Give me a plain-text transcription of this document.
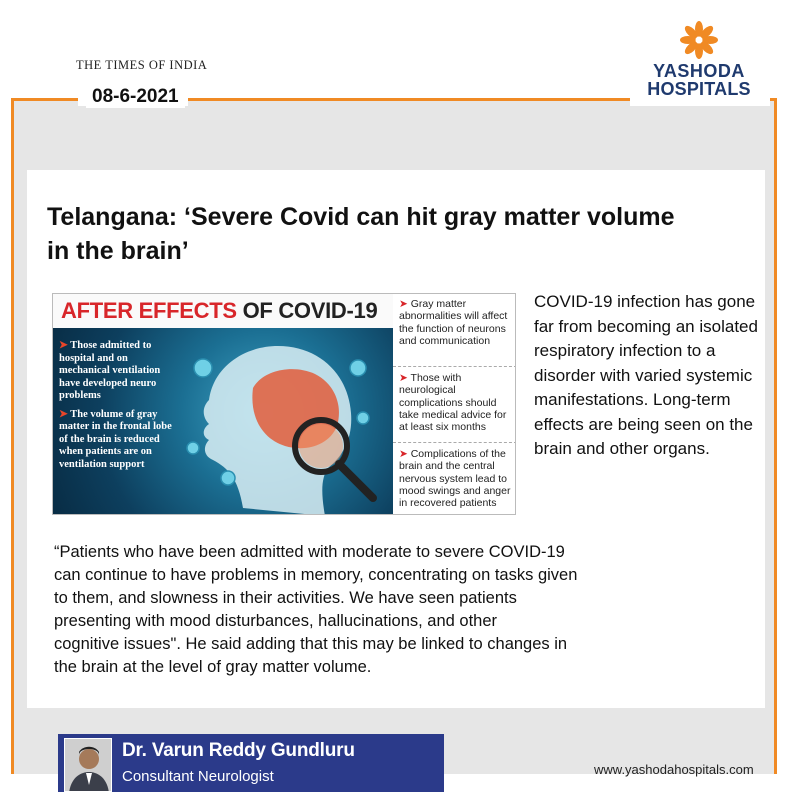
THE TIMES OF INDIA
08-6-2021
YASHODA
HOSPITALS
Telangana: ‘Severe Covid can hit gray matter volume in the brain’
AFTER EFFECTS OF COVID-19

➤ Those admitted to hospital and on mechanical ventilation have developed neuro problems

➤ The volume of gray matter in the frontal lobe of the brain is reduced when patients are on ventilation support

➤ Gray matter abnormalities will affect the function of neurons and communication
➤ Those with neurological complications should take medical advice for at least six months
➤ Complications of the brain and the central nervous system lead to mood swings and anger in recovered patients
COVID-19 infection has gone far from becoming an isolated respiratory infection to a disorder with varied systemic manifestations. Long-term effects are being seen on the brain and other organs.
“Patients who have been admitted with moderate to severe COVID-19
can continue to have problems in memory, concentrating on tasks given
to them, and slowness in their activities. We have seen patients
presenting with mood disturbances, hallucinations, and other
cognitive issues". He said adding that this may be linked to changes in
the brain at the level of gray matter volume.
Dr. Varun Reddy Gundluru
Consultant Neurologist	www.yashodahospitals.com
